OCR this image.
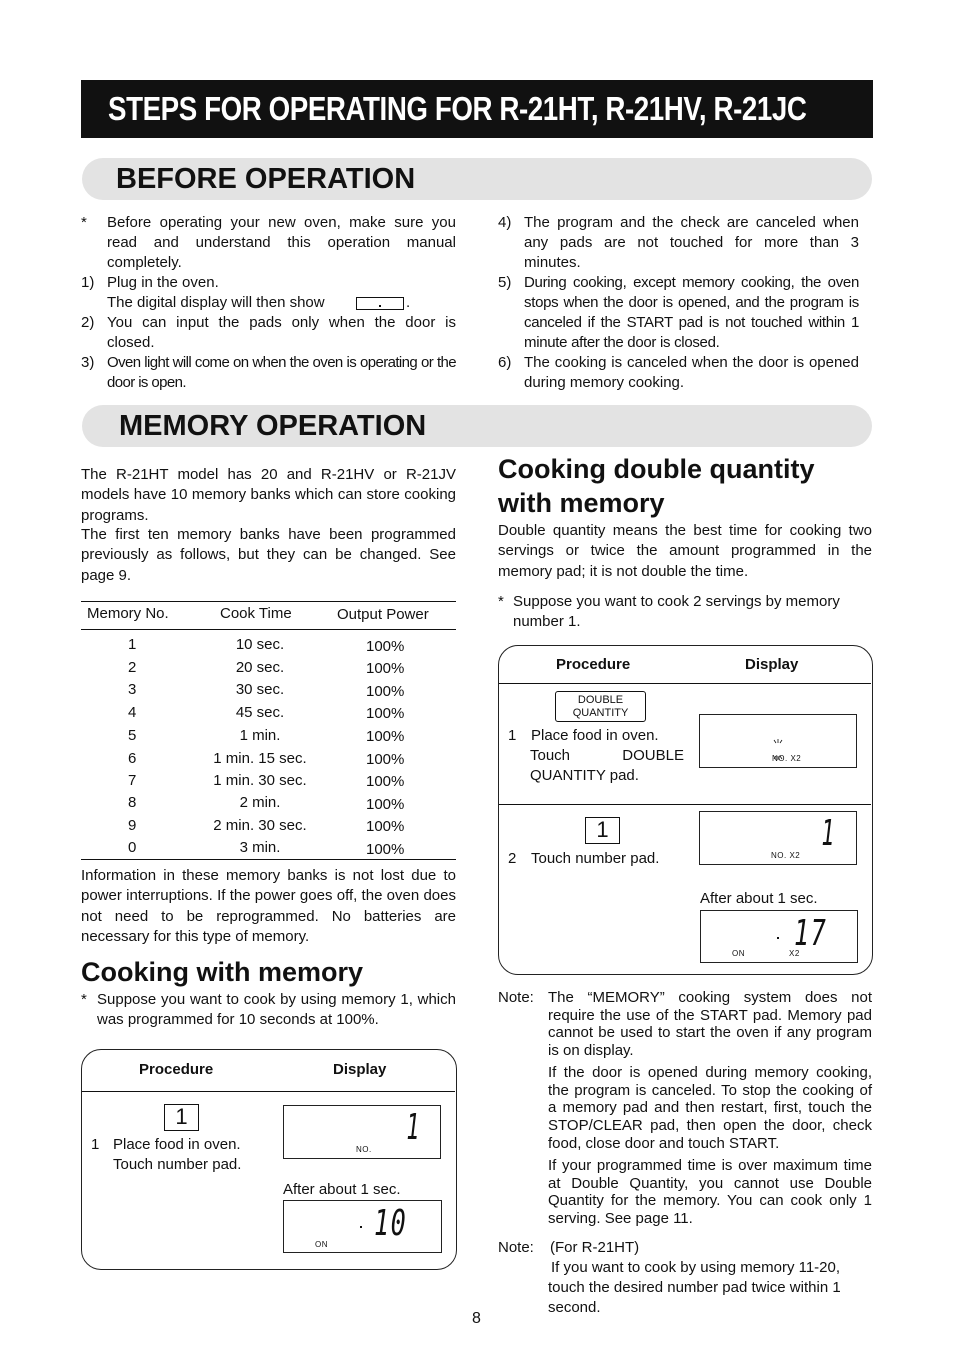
STEPS FOR OPERATING FOR R-21HT, R-21HV, R-21JC
BEFORE OPERATION
* Before operating your new oven, make sure you read and understand this operation manual completely.
1) Plug in the oven.
The digital display will then show	.
2) You can input the pads only when the door is closed.
3) Oven light will come on when the oven is operating or the door is open.
4) The program and the check are canceled when any pads are not touched for more than 3 minutes.
5) During cooking, except memory cooking, the oven stops when the door is opened, and the program is canceled if the START pad is not touched within 1 minute after the door is closed.
6) The cooking is canceled when the door is opened during memory cooking.
MEMORY OPERATION
The R-21HT model has 20 and R-21HV or R-21JV models have 10 memory banks which can store cooking programs.
The first ten memory banks have been programmed previously as follows, but they can be changed. See page 9.
Memory No.	Cook Time	Output Power
1	10 sec.	100%
2	20 sec.	100%
3	30 sec.	100%
4	45 sec.	100%
5	1 min.	100%
6	1 min. 15 sec.	100%
7	1 min. 30 sec.	100%
8	2 min.	100%
9	2 min. 30 sec.	100%
0	3 min.	100%
Information in these memory banks is not lost due to power interruptions. If the power goes off, the oven does not need to be reprogrammed. No batteries are necessary for this type of memory.
Cooking with memory
* Suppose you want to cook by using memory 1, which was programmed for 10 seconds at 100%.
Procedure	Display
1
1 Place food in oven.
Touch number pad.
1
NO.
After about 1 sec.
10
ON
Cooking double quantity
with memory
Double quantity means the best time for cooking two servings or twice the amount programmed in the memory pad; it is not double the time.
* Suppose you want to cook 2 servings by memory number 1.
Procedure	Display
DOUBLE
QUANTITY
1 Place food in oven.
Touch DOUBLE
QUANTITY pad.
NO. X2
1
2 Touch number pad.
1
NO. X2
After about 1 sec.
17
ON	X2
Note: The “MEMORY” cooking system does not require the use of the START pad. Memory pad cannot be used to start the oven if any program is on display.
If the door is opened during memory cooking, the program is canceled. To stop the cooking of a memory pad and then restart, first, touch the STOP/CLEAR pad, then open the door, check food, close door and touch START.
If your programmed time is over maximum time at Double Quantity, you cannot use Double Quantity for the memory. You can cook only 1 serving. See page 11.
Note: (For R-21HT)
If you want to cook by using memory 11-20, touch the desired number pad twice within 1 second.
8
